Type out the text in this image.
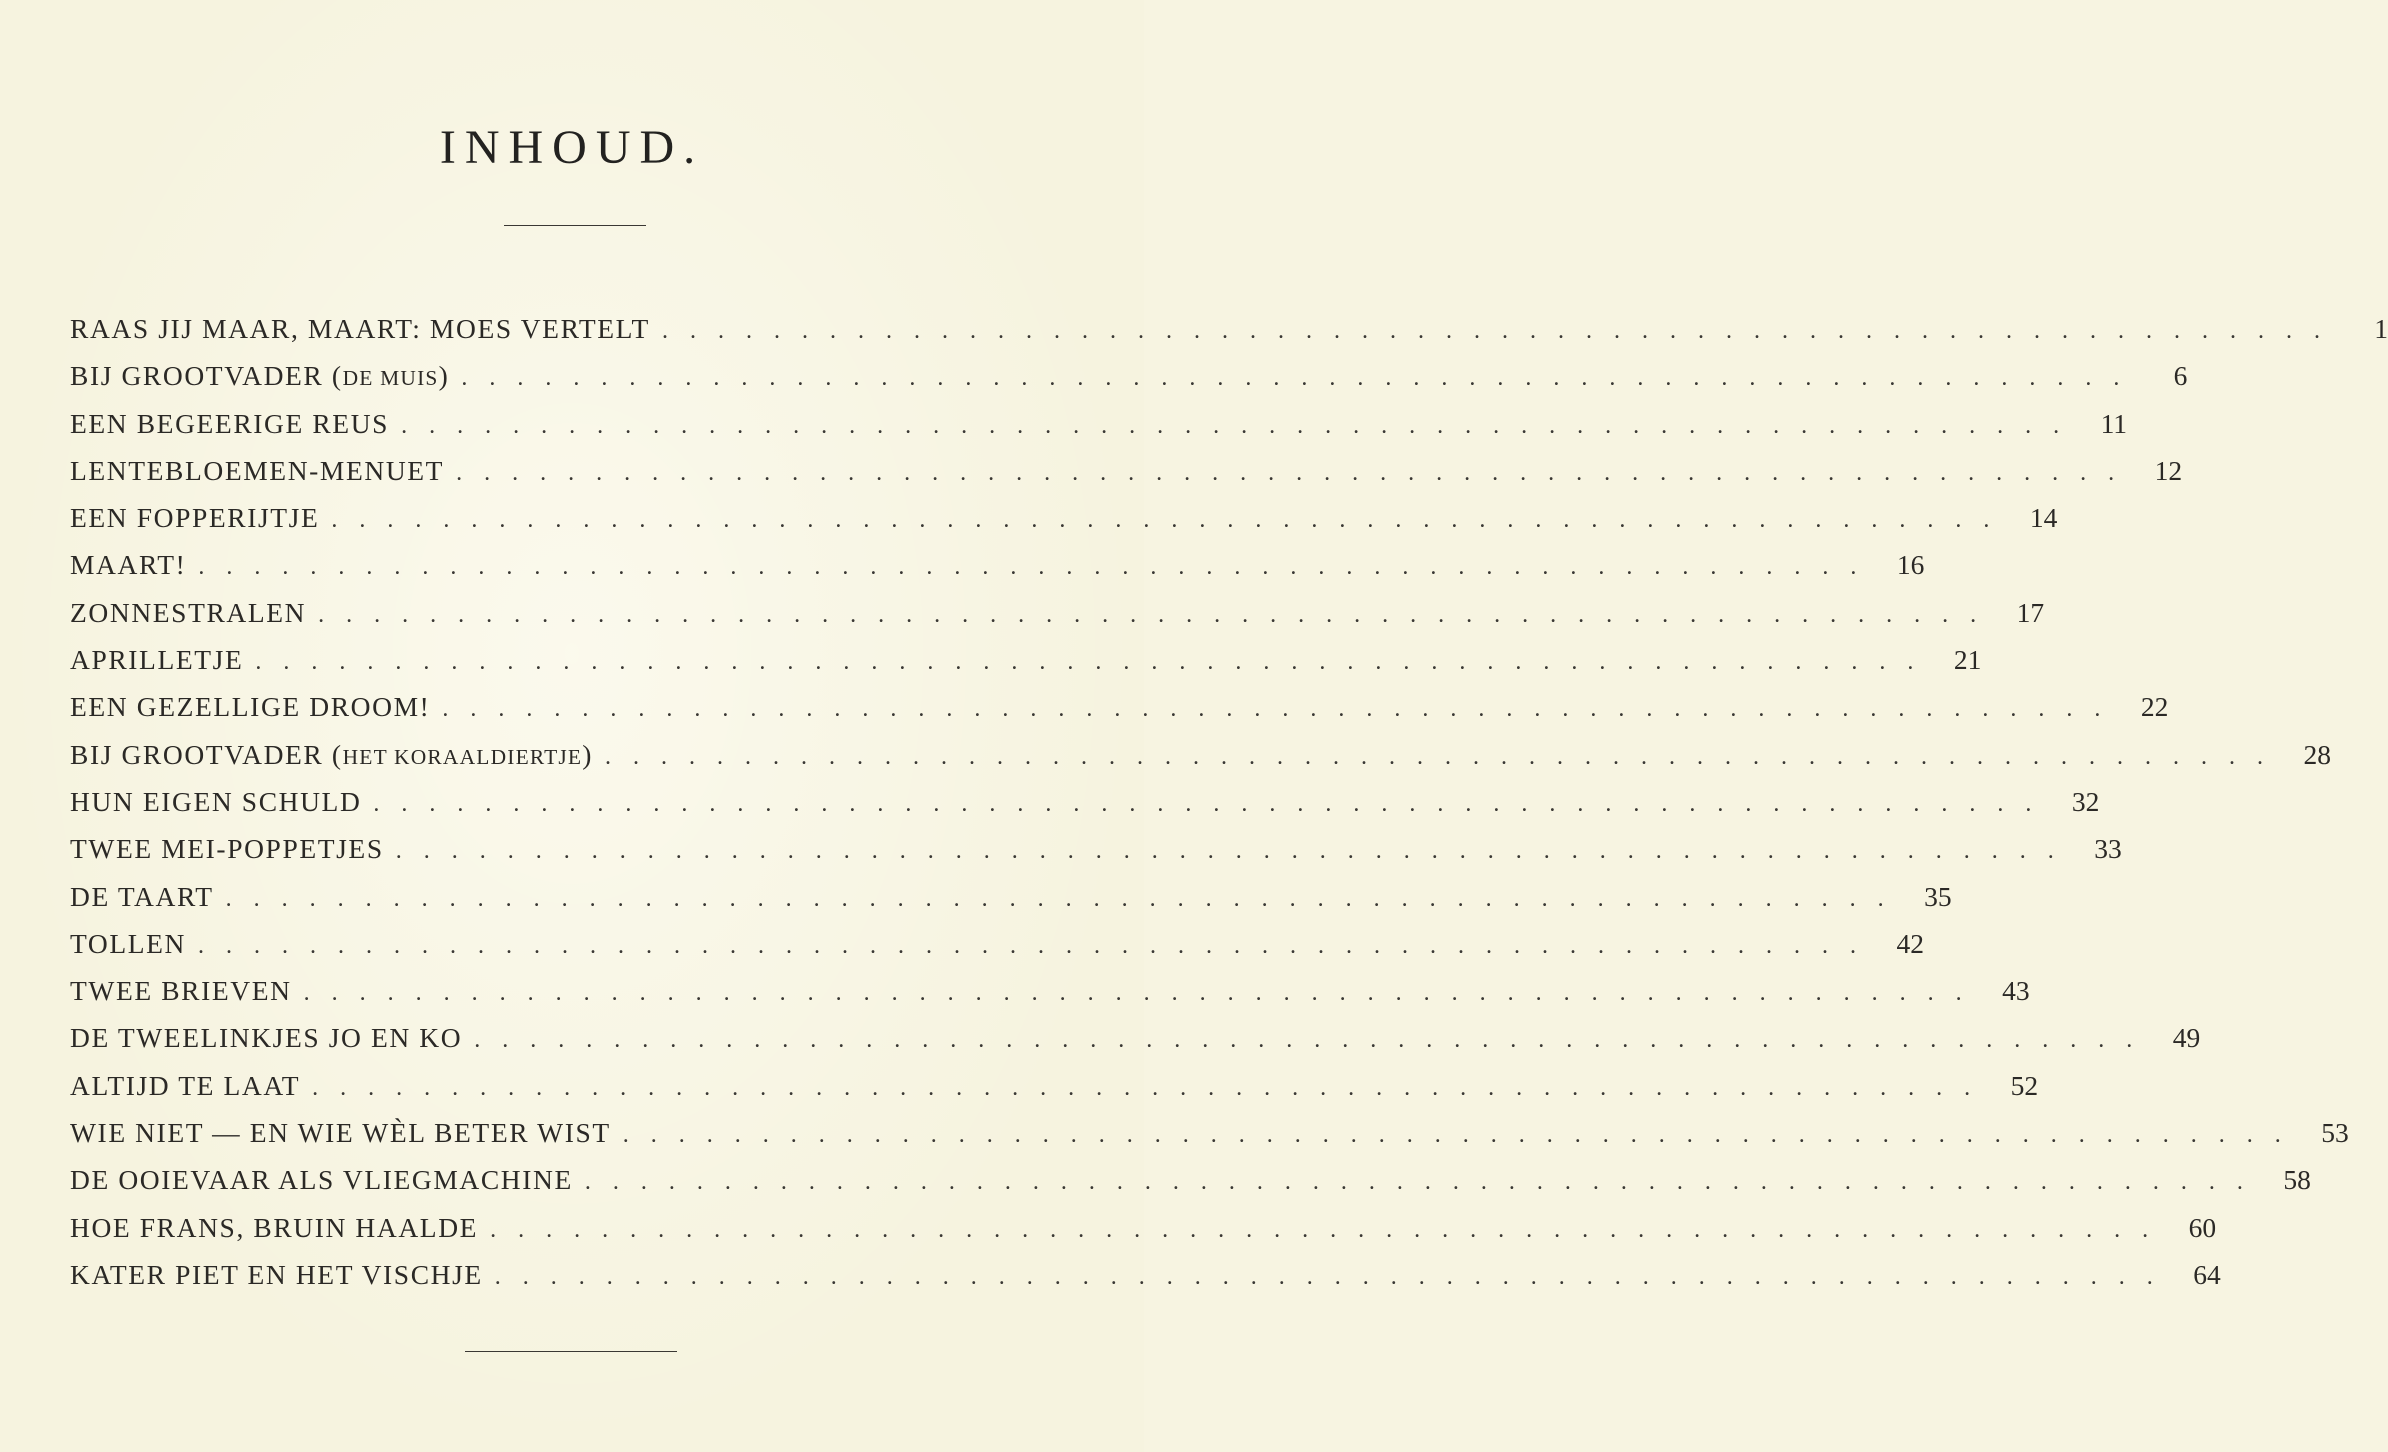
INHOUD.
RAAS JIJ MAAR, MAART: MOES VERTELT ............................................................	1
BIJ GROOTVADER (DE MUIS) ............................................................	6
EEN BEGEERIGE REUS ............................................................ 11
LENTEBLOEMEN-MENUET ............................................................ 12
EEN FOPPERIJTJE ............................................................ 14
MAART! ............................................................ 16
ZONNESTRALEN ............................................................ 17
APRILLETJE ............................................................ 21
EEN GEZELLIGE DROOM! ............................................................ 22
BIJ GROOTVADER (HET KORAALDIERTJE) ............................................................ 28
HUN EIGEN SCHULD ............................................................ 32
TWEE MEI-POPPETJES ............................................................ 33
DE TAART ............................................................ 35
TOLLEN ............................................................ 42
TWEE BRIEVEN ............................................................ 43
DE TWEELINKJES JO EN KO ............................................................ 49
ALTIJD TE LAAT ............................................................ 52
WIE NIET — EN WIE WÈL BETER WIST ............................................................ 53
DE OOIEVAAR ALS VLIEGMACHINE ............................................................ 58
HOE FRANS, BRUIN HAALDE ............................................................ 60
KATER PIET EN HET VISCHJE ............................................................ 64
